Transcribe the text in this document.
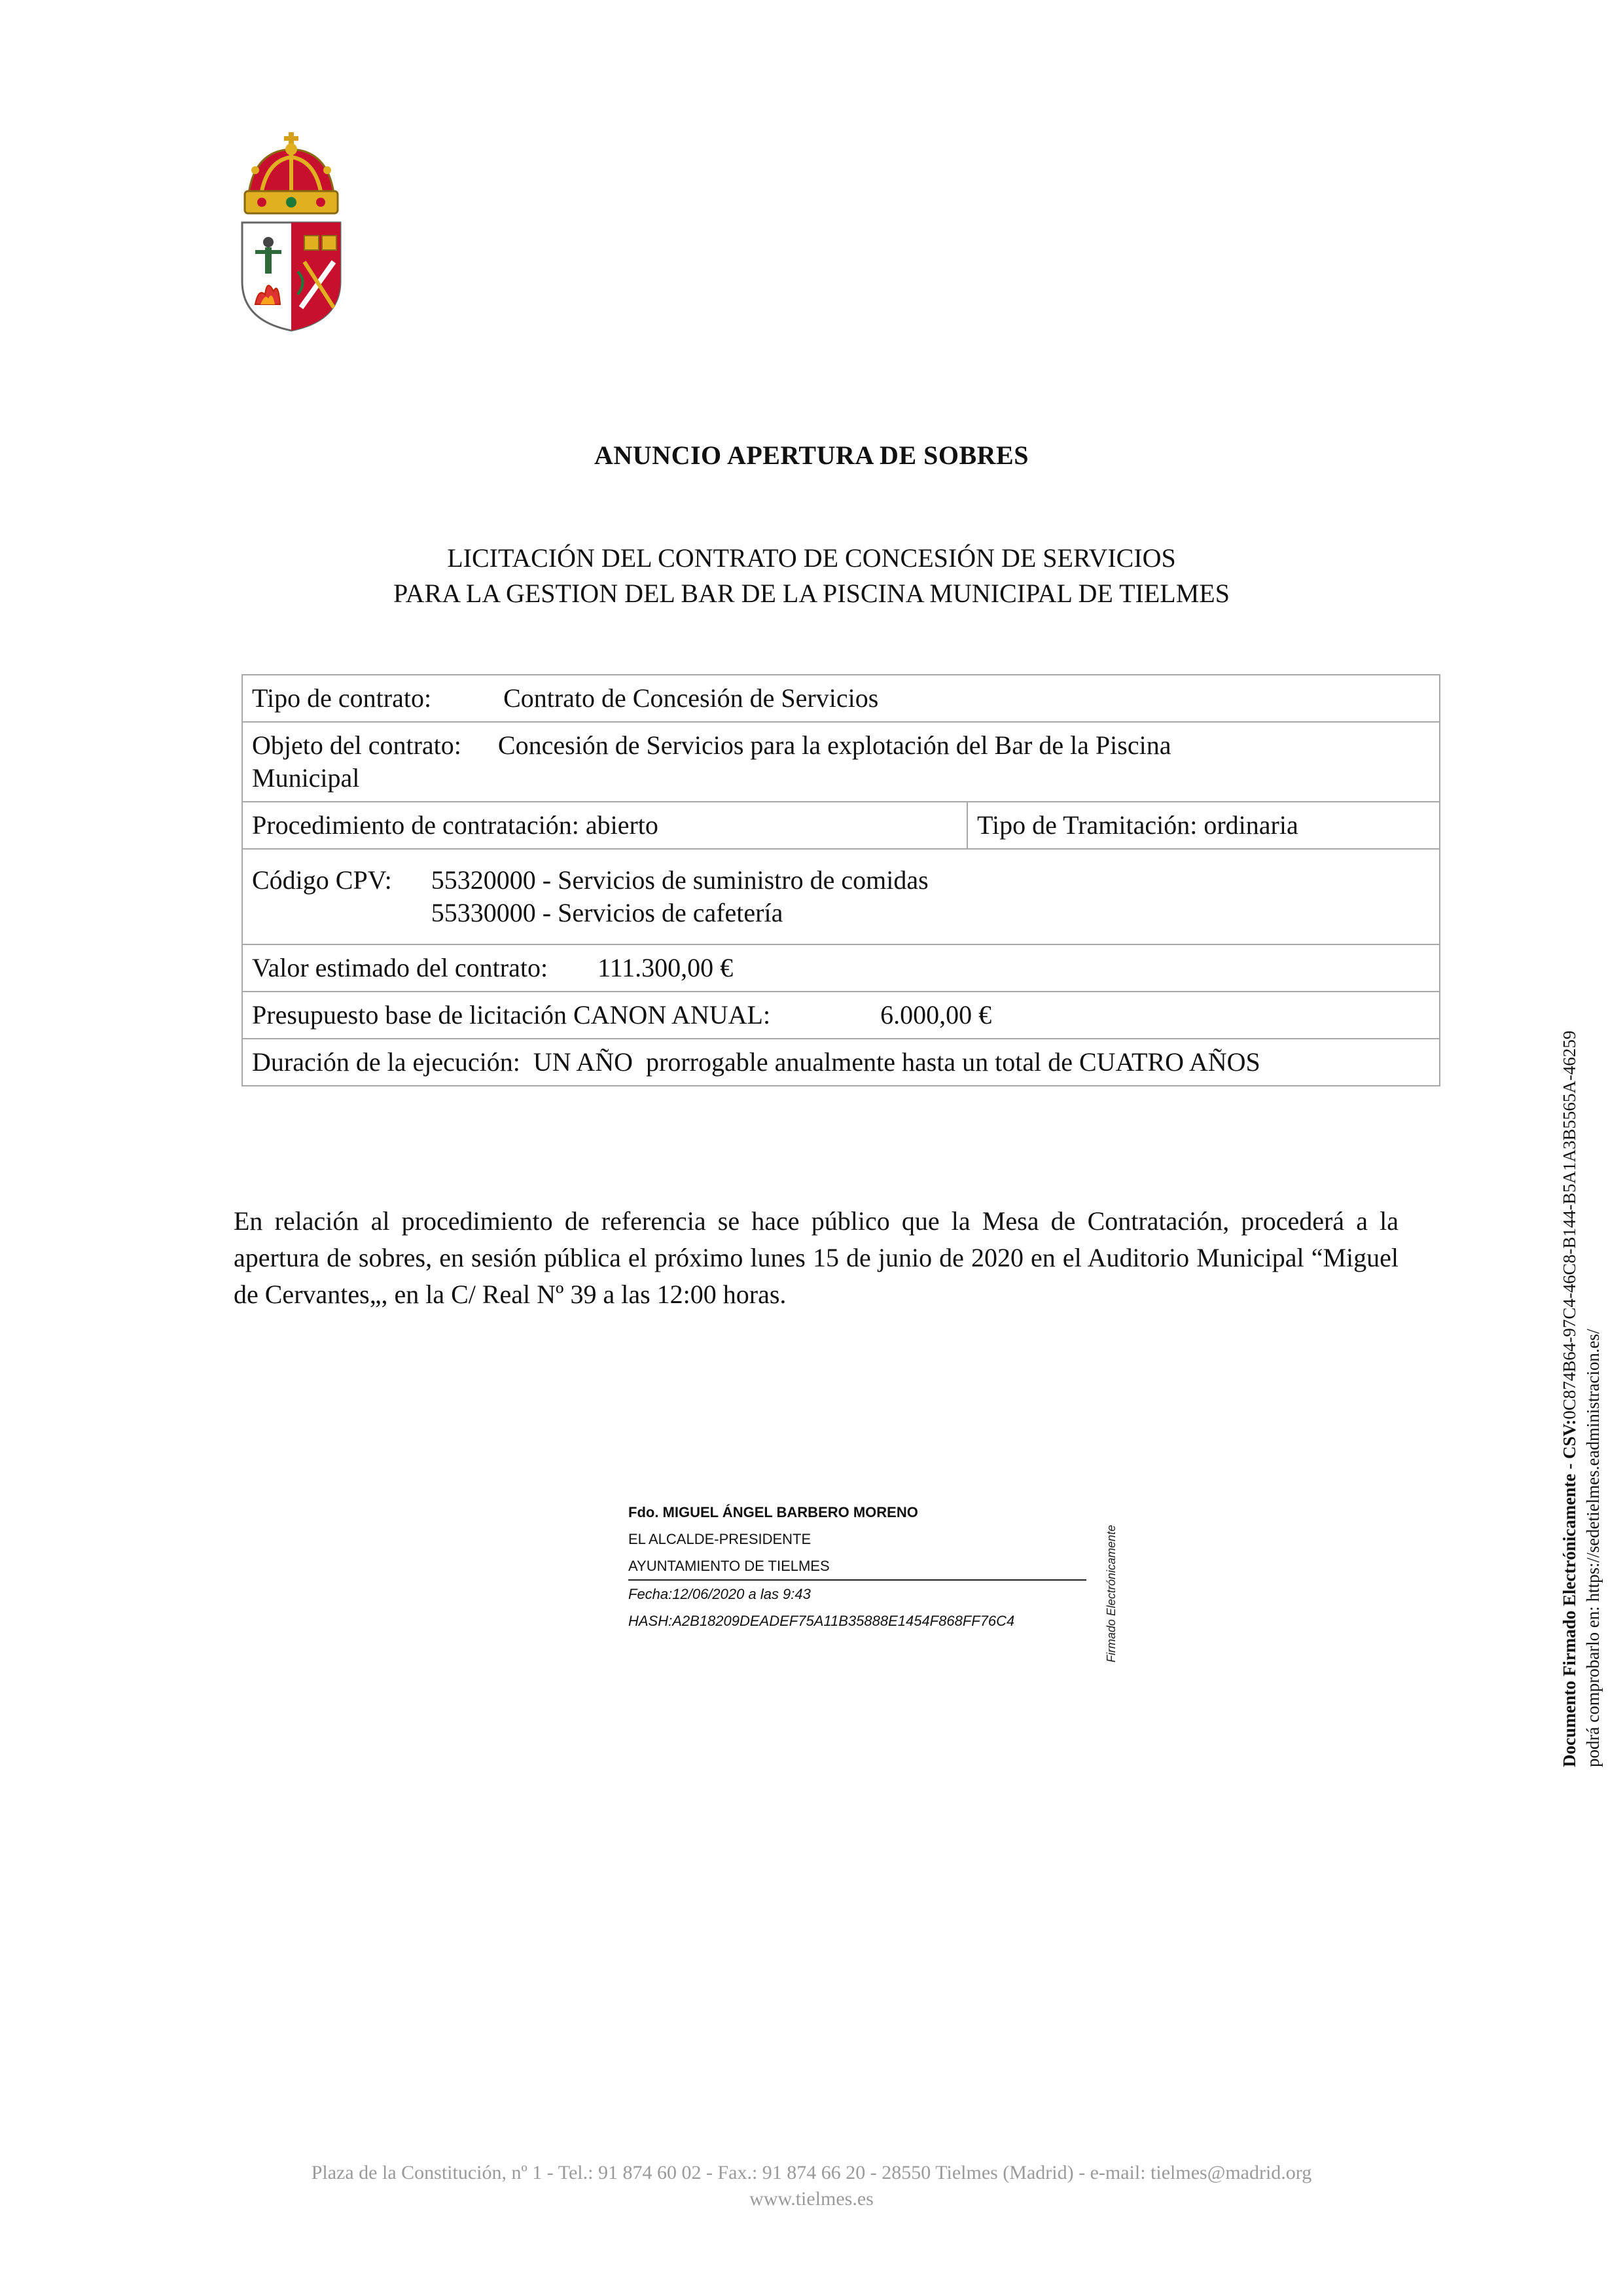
ANUNCIO APERTURA DE SOBRES
LICITACIÓN DEL CONTRATO DE CONCESIÓN DE SERVICIOS
PARA LA GESTION DEL BAR DE LA PISCINA MUNICIPAL DE TIELMES
Tipo de contrato:	Contrato de Concesión de Servicios
Objeto del contrato: Concesión de Servicios para la explotación del Bar de la Piscina
Municipal
Procedimiento de contratación: abierto	Tipo de Tramitación: ordinaria
Código CPV: 55320000 - Servicios de suministro de comidas
55330000 - Servicios de cafetería
Valor estimado del contrato: 111.300,00 €
Presupuesto base de licitación CANON ANUAL:	6.000,00 €
Duración de la ejecución:  UN AÑO  prorrogable anualmente hasta un total de CUATRO AÑOS
En relación al procedimiento de referencia se hace público que la Mesa de Contratación, procederá a la apertura de sobres, en sesión pública el próximo lunes 15 de junio de 2020 en el Auditorio Municipal “Miguel de Cervantes„, en la C/ Real Nº 39 a las 12:00 horas.
Fdo. MIGUEL ÁNGEL BARBERO MORENO
EL ALCALDE-PRESIDENTE
AYUNTAMIENTO DE TIELMES
Fecha:12/06/2020 a las 9:43
HASH:A2B18209DEADEF75A11B35888E1454F868FF76C4	Firmado Electrónicamente	Documento Firmado Electrónicamente - CSV:0C874B64-97C4-46C8-B144-B5A1A3B5565A-46259
podrá comprobarlo en: https://sedetielmes.eadministracion.es/
Plaza de la Constitución, nº 1 - Tel.: 91 874 60 02 - Fax.: 91 874 66 20 - 28550 Tielmes (Madrid) - e-mail: tielmes@madrid.org
www.tielmes.es
